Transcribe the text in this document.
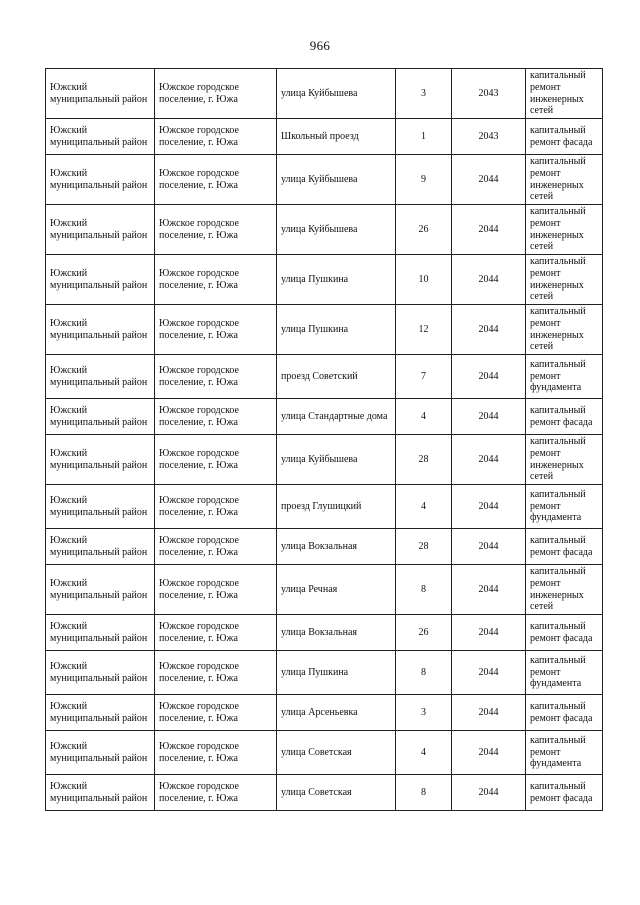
966
Южский муниципальный район	Южское городское поселение, г. Южа	улица Куйбышева	3	2043	капитальный ремонт инженерных сетей
Южский муниципальный район	Южское городское поселение, г. Южа	Школьный проезд	1	2043	капитальный ремонт фасада
Южский муниципальный район	Южское городское поселение, г. Южа	улица Куйбышева	9	2044	капитальный ремонт инженерных сетей
Южский муниципальный район	Южское городское поселение, г. Южа	улица Куйбышева	26	2044	капитальный ремонт инженерных сетей
Южский муниципальный район	Южское городское поселение, г. Южа	улица Пушкина	10	2044	капитальный ремонт инженерных сетей
Южский муниципальный район	Южское городское поселение, г. Южа	улица Пушкина	12	2044	капитальный ремонт инженерных сетей
Южский муниципальный район	Южское городское поселение, г. Южа	проезд Советский	7	2044	капитальный ремонт фундамента
Южский муниципальный район	Южское городское поселение, г. Южа	улица Стандартные дома	4	2044	капитальный ремонт фасада
Южский муниципальный район	Южское городское поселение, г. Южа	улица Куйбышева	28	2044	капитальный ремонт инженерных сетей
Южский муниципальный район	Южское городское поселение, г. Южа	проезд Глушицкий	4	2044	капитальный ремонт фундамента
Южский муниципальный район	Южское городское поселение, г. Южа	улица Вокзальная	28	2044	капитальный ремонт фасада
Южский муниципальный район	Южское городское поселение, г. Южа	улица Речная	8	2044	капитальный ремонт инженерных сетей
Южский муниципальный район	Южское городское поселение, г. Южа	улица Вокзальная	26	2044	капитальный ремонт фасада
Южский муниципальный район	Южское городское поселение, г. Южа	улица Пушкина	8	2044	капитальный ремонт фундамента
Южский муниципальный район	Южское городское поселение, г. Южа	улица Арсеньевка	3	2044	капитальный ремонт фасада
Южский муниципальный район	Южское городское поселение, г. Южа	улица Советская	4	2044	капитальный ремонт фундамента
Южский муниципальный район	Южское городское поселение, г. Южа	улица Советская	8	2044	капитальный ремонт фасада
